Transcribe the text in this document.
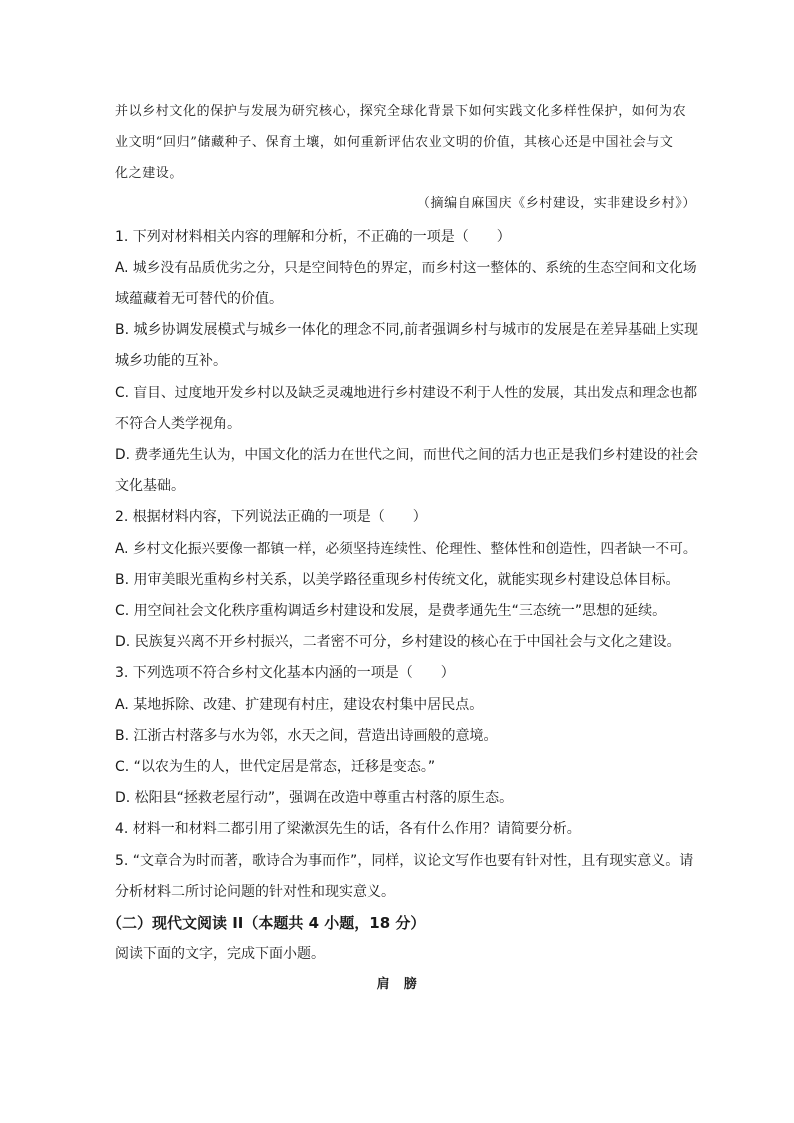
并以乡村文化的保护与发展为研究核心，探究全球化背景下如何实践文化多样性保护，如何为农
业文明“回归”储藏种子、保育土壤，如何重新评估农业文明的价值，其核心还是中国社会与文
化之建设。
（摘编自麻国庆《乡村建设，实非建设乡村》）
1. 下列对材料相关内容的理解和分析，不正确的一项是（　　）
A. 城乡没有品质优劣之分，只是空间特色的界定，而乡村这一整体的、系统的生态空间和文化场
域蕴藏着无可替代的价值。
B. 城乡协调发展模式与城乡一体化的理念不同,前者强调乡村与城市的发展是在差异基础上实现
城乡功能的互补。
C. 盲目、过度地开发乡村以及缺乏灵魂地进行乡村建设不利于人性的发展，其出发点和理念也都
不符合人类学视角。
D. 费孝通先生认为，中国文化的活力在世代之间，而世代之间的活力也正是我们乡村建设的社会
文化基础。
2. 根据材料内容，下列说法正确的一项是（　　）
A. 乡村文化振兴要像一都镇一样，必须坚持连续性、伦理性、整体性和创造性，四者缺一不可。
B. 用审美眼光重构乡村关系，以美学路径重现乡村传统文化，就能实现乡村建设总体目标。
C. 用空间社会文化秩序重构调适乡村建设和发展，是费孝通先生“三态统一”思想的延续。
D. 民族复兴离不开乡村振兴，二者密不可分，乡村建设的核心在于中国社会与文化之建设。
3. 下列选项不符合乡村文化基本内涵的一项是（　　）
A. 某地拆除、改建、扩建现有村庄，建设农村集中居民点。
B. 江浙古村落多与水为邻，水天之间，营造出诗画般的意境。
C. “以农为生的人，世代定居是常态，迁移是变态。”
D. 松阳县“拯救老屋行动”，强调在改造中尊重古村落的原生态。
4. 材料一和材料二都引用了梁漱溟先生的话，各有什么作用？请简要分析。
5. “文章合为时而著，歌诗合为事而作”，同样，议论文写作也要有针对性，且有现实意义。请
分析材料二所讨论问题的针对性和现实意义。
（二）现代文阅读 II（本题共 4 小题，18 分）
阅读下面的文字，完成下面小题。
肩　膀
